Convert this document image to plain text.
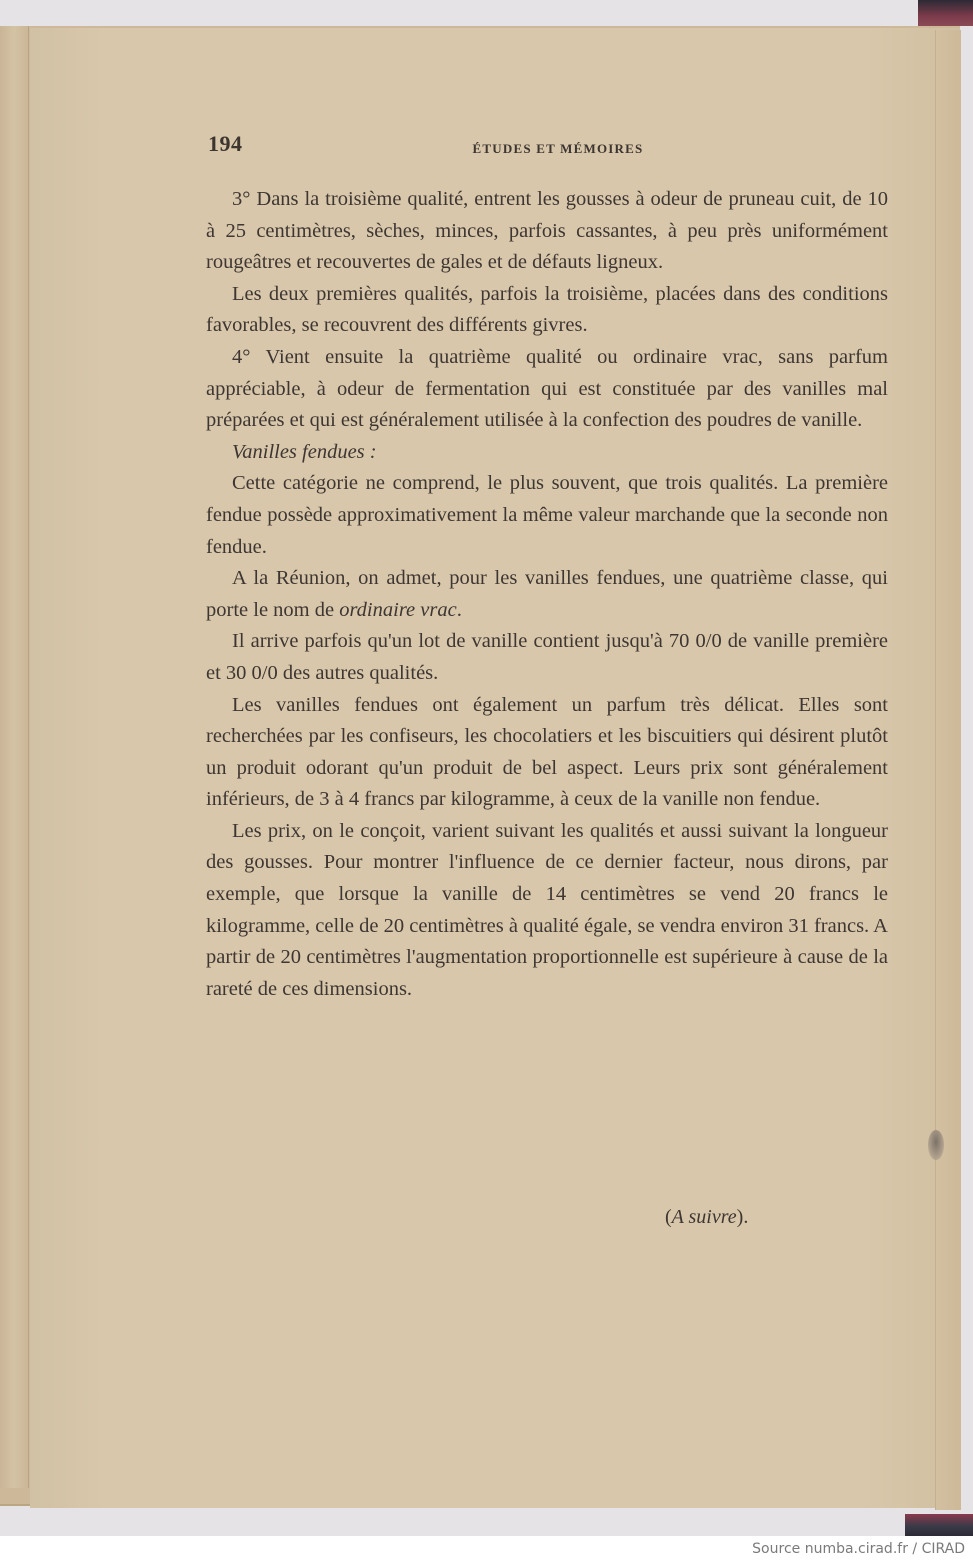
194	ÉTUDES ET MÉMOIRES

3° Dans la troisième qualité, entrent les gousses à odeur de pruneau cuit, de 10 à 25 centimètres, sèches, minces, parfois cassantes, à peu près uniformément rougeâtres et recouvertes de gales et de défauts ligneux.

Les deux premières qualités, parfois la troisième, placées dans des conditions favorables, se recouvrent des différents givres.

4° Vient ensuite la quatrième qualité ou ordinaire vrac, sans parfum appréciable, à odeur de fermentation qui est constituée par des vanilles mal préparées et qui est généralement utilisée à la confection des poudres de vanille.

Vanilles fendues :

Cette catégorie ne comprend, le plus souvent, que trois qualités. La première fendue possède approximativement la même valeur marchande que la seconde non fendue.

A la Réunion, on admet, pour les vanilles fendues, une quatrième classe, qui porte le nom de ordinaire vrac.

Il arrive parfois qu'un lot de vanille contient jusqu'à 70 0/0 de vanille première et 30 0/0 des autres qualités.

Les vanilles fendues ont également un parfum très délicat. Elles sont recherchées par les confiseurs, les chocolatiers et les biscuitiers qui désirent plutôt un produit odorant qu'un produit de bel aspect. Leurs prix sont généralement inférieurs, de 3 à 4 francs par kilogramme, à ceux de la vanille non fendue.

Les prix, on le conçoit, varient suivant les qualités et aussi suivant la longueur des gousses. Pour montrer l'influence de ce dernier facteur, nous dirons, par exemple, que lorsque la vanille de 14 centimètres se vend 20 francs le kilogramme, celle de 20 centimètres à qualité égale, se vendra environ 31 francs. A partir de 20 centimètres l'augmentation proportionnelle est supérieure à cause de la rareté de ces dimensions.

(A suivre).
Source numba.cirad.fr / CIRAD
